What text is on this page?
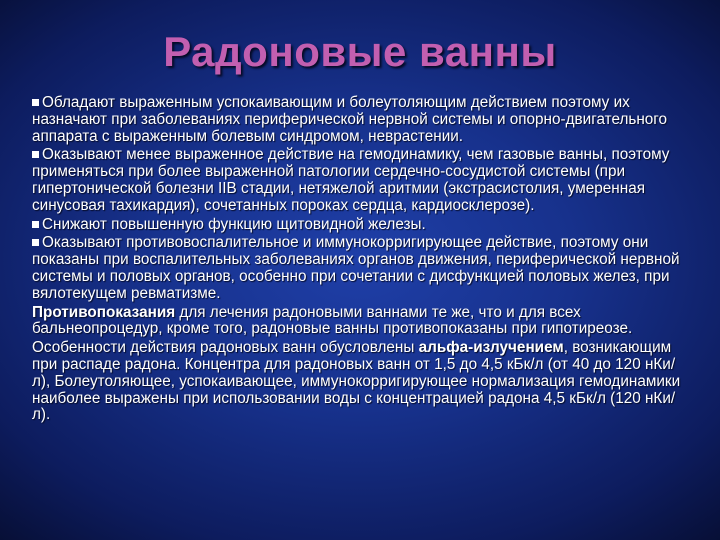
Радоновые ванны

Обладают выраженным успокаивающим и болеутоляющим действием поэтому их назначают при заболеваниях периферической нервной системы и опорно-двигательного аппарата с выраженным болевым синдромом, неврастении.

Оказывают менее выраженное действие на гемодинамику, чем газовые ванны, поэтому применяться при более выраженной патологии сердечно-сосудистой системы (при гипертонической болезни IIB стадии, нетяжелой аритмии (экстрасистолия, умеренная синусовая тахикардия), сочетанных пороках сердца, кардиосклерозе).

Снижают повышенную функцию щитовидной железы.

Оказывают противовоспалительное и иммунокорригирующее действие, поэтому они показаны при воспалительных заболеваниях органов движения, периферической нервной системы и половых органов, особенно при сочетании с дисфункцией половых желез, при вялотекущем ревматизме.

Противопоказания для лечения радоновыми ваннами те же, что и для всех бальнеопроцедур, кроме того, радоновые ванны противопоказаны при гипотиреозе.

Особенности действия радоновых ванн обусловлены альфа-излучением, возникающим при распаде радона. Концентра для радоновых ванн от 1,5 до 4,5 кБк/л (от 40 до 120 нКи/л), Болеутоляющее, успокаивающее, иммунокорригирующее нормализация гемодинамики наиболее выражены при использовании воды с концентрацией радона 4,5 кБк/л (120 нКи/л).
